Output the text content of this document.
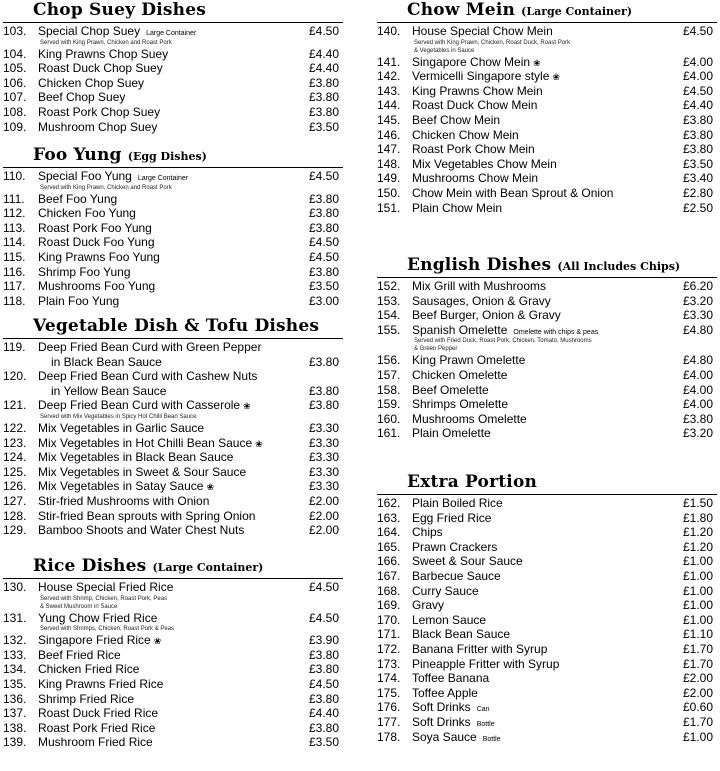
Chop Suey Dishes
103. Special Chop Suey Large Container	£4.50
Served with King Prawn, Chicken and Roast Pork
104. King Prawns Chop Suey	£4.40
105. Roast Duck Chop Suey	£4.40
106. Chicken Chop Suey	£3.80
107. Beef Chop Suey	£3.80
108. Roast Pork Chop Suey	£3.80
109. Mushroom Chop Suey	£3.50
Foo Yung (Egg Dishes)
110.	Special Foo Yung Large Container	£4.50
Served with King Prawn, Chicken and Roast Pork
111.	Beef Foo Yung	£3.80
112.	Chicken Foo Yung	£3.80
113.	Roast Pork Foo Yung	£3.80
114.	Roast Duck Foo Yung	£4.50
115.	King Prawns Foo Yung	£4.50
116.	Shrimp Foo Yung	£3.80
117.	Mushrooms Foo Yung	£3.50
118.	Plain Foo Yung	£3.00
Vegetable Dish & Tofu Dishes
119.	Deep Fried Bean Curd with Green Pepper
in Black Bean Sauce	£3.80
120. Deep Fried Bean Curd with Cashew Nuts
in Yellow Bean Sauce	£3.80
121. Deep Fried Bean Curd with Casserole ❀	£3.80
Served with Mix Vegetables in Spicy Hot Chilli Bean Sauce
122. Mix Vegetables in Garlic Sauce	£3.30
123. Mix Vegetables in Hot Chilli Bean Sauce ❀	£3.30
124. Mix Vegetables in Black Bean Sauce	£3.30
125. Mix Vegetables in Sweet & Sour Sauce	£3.30
126. Mix Vegetables in Satay Sauce ❀	£3.30
127. Stir-fried Mushrooms with Onion	£2.00
128. Stir-fried Bean sprouts with Spring Onion	£2.00
129. Bamboo Shoots and Water Chest Nuts	£2.00
Rice Dishes (Large Container)
130. House Special Fried Rice	£4.50
Served with Shrimp, Chicken, Roast Pork, Peas
& Sweet Mushroom in Sauce
131. Yung Chow Fried Rice	£4.50
Served with Shrimps, Chicken, Roast Pork & Peas
132. Singapore Fried Rice ❀	£3.90
133. Beef Fried Rice	£3.80
134. Chicken Fried Rice	£3.80
135. King Prawns Fried Rice	£4.50
136. Shrimp Fried Rice	£3.80
137. Roast Duck Fried Rice	£4.40
138. Roast Pork Fried Rice	£3.80
139. Mushroom Fried Rice	£3.50
Chow Mein (Large Container)
140. House Special Chow Mein	£4.50
Served with King Prawn, Chicken, Roast Duck, Roast Pork
& Vegetables in Sauce
141. Singapore Chow Mein ❀	£4.00
142. Vermicelli Singapore style ❀	£4.00
143. King Prawns Chow Mein	£4.50
144. Roast Duck Chow Mein	£4.40
145. Beef Chow Mein	£3.80
146. Chicken Chow Mein	£3.80
147. Roast Pork Chow Mein	£3.80
148. Mix Vegetables Chow Mein	£3.50
149. Mushrooms Chow Mein	£3.40
150. Chow Mein with Bean Sprout & Onion	£2.80
151. Plain Chow Mein	£2.50
English Dishes (All Includes Chips)
152. Mix Grill with Mushrooms	£6.20
153. Sausages, Onion & Gravy	£3.20
154. Beef Burger, Onion & Gravy	£3.30
155. Spanish Omelette Omelette with chips & peas	£4.80
Served with Fried Duck, Roast Pork, Chicken, Tomato, Mushrooms
& Green Pepper
156. King Prawn Omelette	£4.80
157. Chicken Omelette	£4.00
158. Beef Omelette	£4.00
159. Shrimps Omelette	£4.00
160. Mushrooms Omelette	£3.80
161. Plain Omelette	£3.20
Extra Portion
162. Plain Boiled Rice	£1.50
163. Egg Fried Rice	£1.80
164. Chips	£1.20
165. Prawn Crackers	£1.20
166. Sweet & Sour Sauce	£1.00
167. Barbecue Sauce	£1.00
168. Curry Sauce	£1.00
169. Gravy	£1.00
170. Lemon Sauce	£1.00
171. Black Bean Sauce	£1.10
172. Banana Fritter with Syrup	£1.70
173. Pineapple Fritter with Syrup	£1.70
174. Toffee Banana	£2.00
175. Toffee Apple	£2.00
176. Soft Drinks Can	£0.60
177. Soft Drinks Bottle	£1.70
178. Soya Sauce Bottle	£1.00
